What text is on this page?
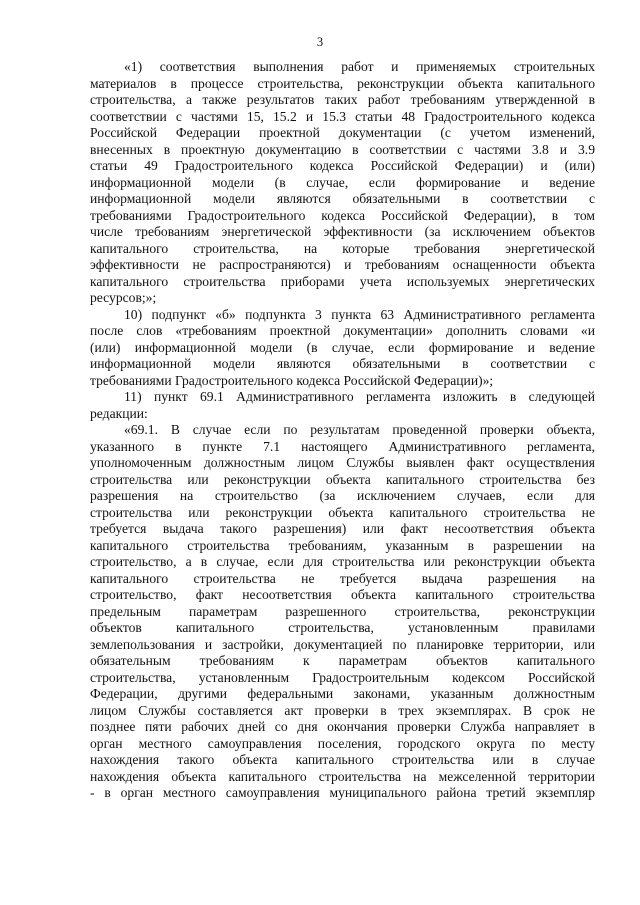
3
«1) соответствия выполнения работ и применяемых строительных
материалов в процессе строительства, реконструкции объекта капитального
строительства, а также результатов таких работ требованиям утвержденной в
соответствии с частями 15, 15.2 и 15.3 статьи 48 Градостроительного кодекса
Российской Федерации проектной документации (с учетом изменений,
внесенных в проектную документацию в соответствии с частями 3.8 и 3.9
статьи 49 Градостроительного кодекса Российской Федерации) и (или)
информационной модели (в случае, если формирование и ведение
информационной модели являются обязательными в соответствии с
требованиями Градостроительного кодекса Российской Федерации), в том
числе требованиям энергетической эффективности (за исключением объектов
капитального строительства, на которые требования энергетической
эффективности не распространяются) и требованиям оснащенности объекта
капитального строительства приборами учета используемых энергетических
ресурсов;»;
10) подпункт «б» подпункта 3 пункта 63 Административного регламента
после слов «требованиям проектной документации» дополнить словами «и
(или) информационной модели (в случае, если формирование и ведение
информационной модели являются обязательными в соответствии с
требованиями Градостроительного кодекса Российской Федерации)»;
11) пункт 69.1 Административного регламента изложить в следующей
редакции:
«69.1. В случае если по результатам проведенной проверки объекта,
указанного в пункте 7.1 настоящего Административного регламента,
уполномоченным должностным лицом Службы выявлен факт осуществления
строительства или реконструкции объекта капитального строительства без
разрешения на строительство (за исключением случаев, если для
строительства или реконструкции объекта капитального строительства не
требуется выдача такого разрешения) или факт несоответствия объекта
капитального строительства требованиям, указанным в разрешении на
строительство, а в случае, если для строительства или реконструкции объекта
капитального строительства не требуется выдача разрешения на
строительство, факт несоответствия объекта капитального строительства
предельным параметрам разрешенного строительства, реконструкции
объектов капитального строительства, установленным правилами
землепользования и застройки, документацией по планировке территории, или
обязательным требованиям к параметрам объектов капитального
строительства, установленным Градостроительным кодексом Российской
Федерации, другими федеральными законами, указанным должностным
лицом Службы составляется акт проверки в трех экземплярах. В срок не
позднее пяти рабочих дней со дня окончания проверки Служба направляет в
орган местного самоуправления поселения, городского округа по месту
нахождения такого объекта капитального строительства или в случае
нахождения объекта капитального строительства на межселенной территории
- в орган местного самоуправления муниципального района третий экземпляр
